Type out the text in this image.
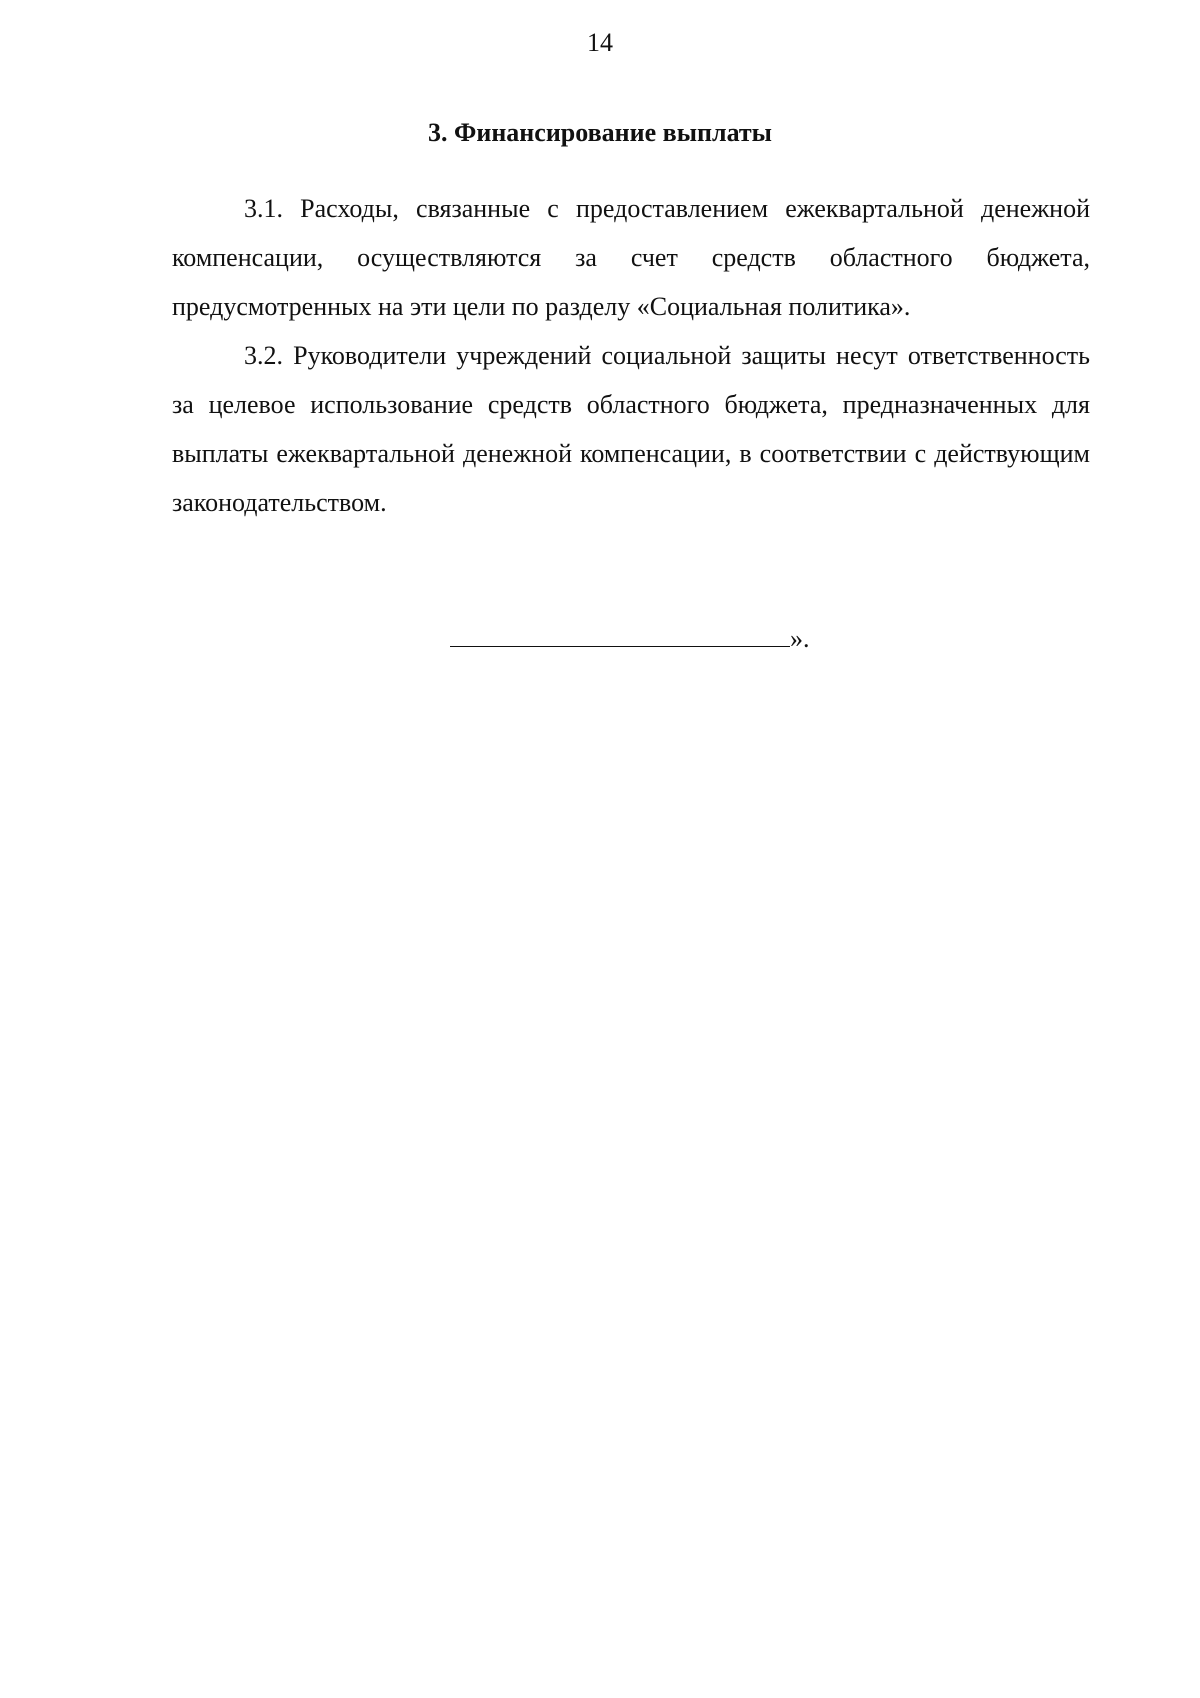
14
3. Финансирование выплаты

3.1. Расходы, связанные с предоставлением ежеквартальной денежной компенсации, осуществляются за счет средств областного бюджета, предусмотренных на эти цели по разделу «Социальная политика».

3.2. Руководители учреждений социальной защиты несут ответственность за целевое использование средств областного бюджета, предназначенных для выплаты ежеквартальной денежной компенсации, в соответствии с действующим законодательством.

».
